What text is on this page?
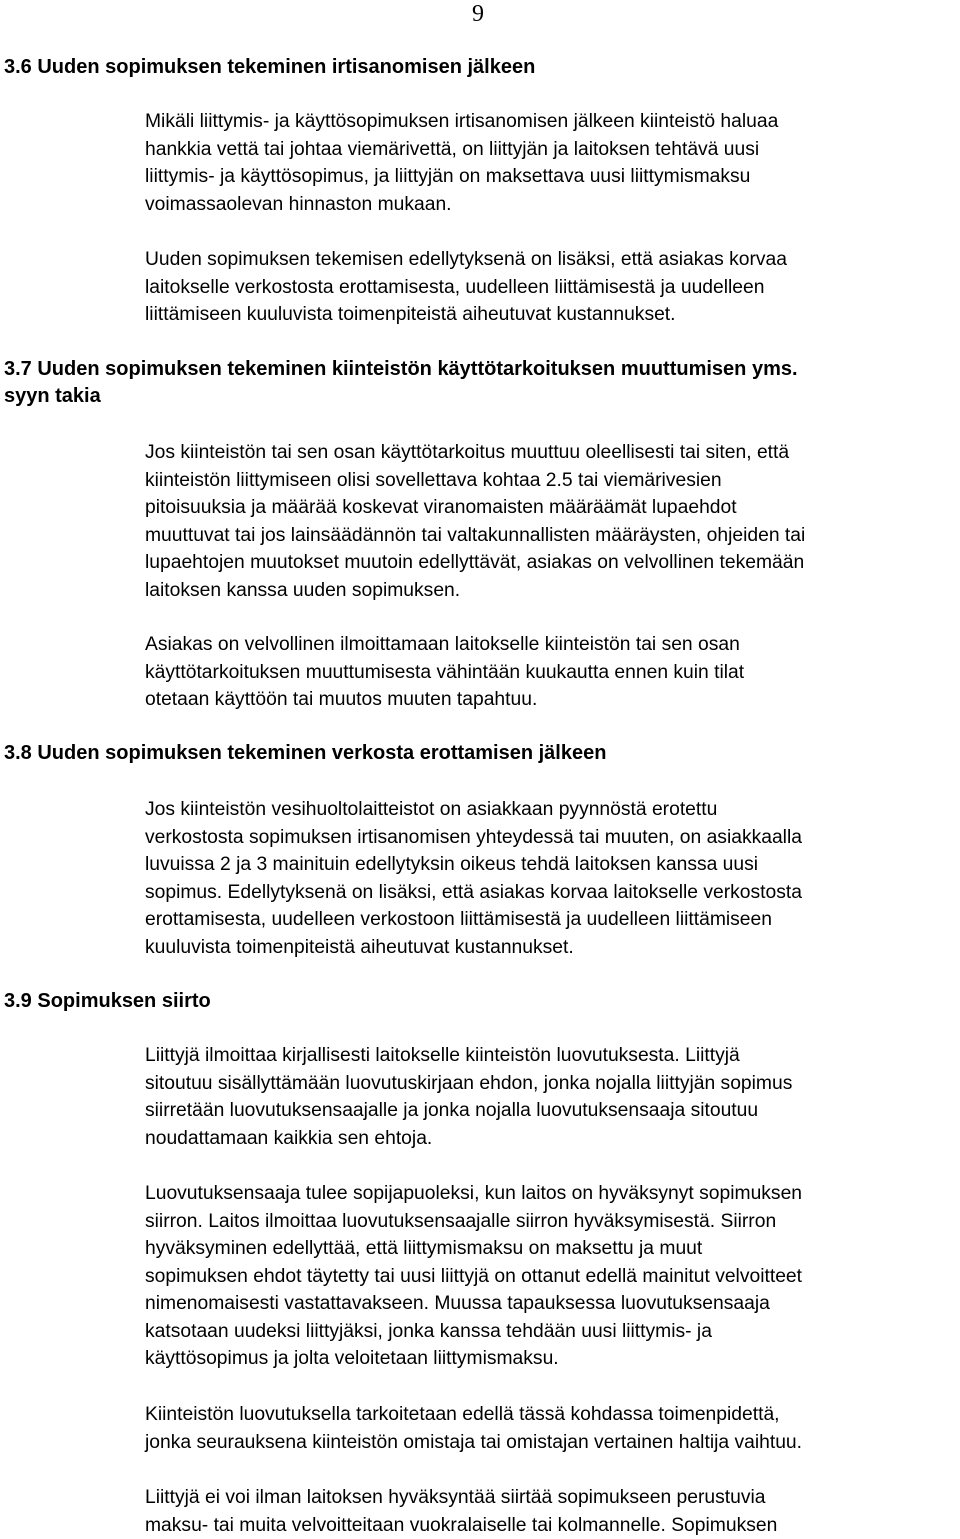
9
3.6 Uuden sopimuksen tekeminen irtisanomisen jälkeen

Mikäli liittymis- ja käyttösopimuksen irtisanomisen jälkeen kiinteistö haluaa
hankkia vettä tai johtaa viemärivettä, on liittyjän ja laitoksen tehtävä uusi
liittymis- ja käyttösopimus, ja liittyjän on maksettava uusi liittymismaksu
voimassaolevan hinnaston mukaan.

Uuden sopimuksen tekemisen edellytyksenä on lisäksi, että asiakas korvaa
laitokselle verkostosta erottamisesta, uudelleen liittämisestä ja uudelleen
liittämiseen kuuluvista toimenpiteistä aiheutuvat kustannukset.

3.7 Uuden sopimuksen tekeminen kiinteistön käyttötarkoituksen muuttumisen yms.
syyn takia

Jos kiinteistön tai sen osan käyttötarkoitus muuttuu oleellisesti tai siten, että
kiinteistön liittymiseen olisi sovellettava kohtaa 2.5 tai viemärivesien
pitoisuuksia ja määrää koskevat viranomaisten määräämät lupaehdot
muuttuvat tai jos lainsäädännön tai valtakunnallisten määräysten, ohjeiden tai
lupaehtojen muutokset muutoin edellyttävät, asiakas on velvollinen tekemään
laitoksen kanssa uuden sopimuksen.

Asiakas on velvollinen ilmoittamaan laitokselle kiinteistön tai sen osan
käyttötarkoituksen muuttumisesta vähintään kuukautta ennen kuin tilat
otetaan käyttöön tai muutos muuten tapahtuu.

3.8 Uuden sopimuksen tekeminen verkosta erottamisen jälkeen

Jos kiinteistön vesihuoltolaitteistot on asiakkaan pyynnöstä erotettu
verkostosta sopimuksen irtisanomisen yhteydessä tai muuten, on asiakkaalla
luvuissa 2 ja 3 mainituin edellytyksin oikeus tehdä laitoksen kanssa uusi
sopimus. Edellytyksenä on lisäksi, että asiakas korvaa laitokselle verkostosta
erottamisesta, uudelleen verkostoon liittämisestä ja uudelleen liittämiseen
kuuluvista toimenpiteistä aiheutuvat kustannukset.

3.9 Sopimuksen siirto

Liittyjä ilmoittaa kirjallisesti laitokselle kiinteistön luovutuksesta. Liittyjä
sitoutuu sisällyttämään luovutuskirjaan ehdon, jonka nojalla liittyjän sopimus
siirretään luovutuksensaajalle ja jonka nojalla luovutuksensaaja sitoutuu
noudattamaan kaikkia sen ehtoja.

Luovutuksensaaja tulee sopijapuoleksi, kun laitos on hyväksynyt sopimuksen
siirron. Laitos ilmoittaa luovutuksensaajalle siirron hyväksymisestä. Siirron
hyväksyminen edellyttää, että liittymismaksu on maksettu ja muut
sopimuksen ehdot täytetty tai uusi liittyjä on ottanut edellä mainitut velvoitteet
nimenomaisesti vastattavakseen. Muussa tapauksessa luovutuksensaaja
katsotaan uudeksi liittyjäksi, jonka kanssa tehdään uusi liittymis- ja
käyttösopimus ja jolta veloitetaan liittymismaksu.

Kiinteistön luovutuksella tarkoitetaan edellä tässä kohdassa toimenpidettä,
jonka seurauksena kiinteistön omistaja tai omistajan vertainen haltija vaihtuu.

Liittyjä ei voi ilman laitoksen hyväksyntää siirtää sopimukseen perustuvia
maksu- tai muita velvoitteitaan vuokralaiselle tai kolmannelle. Sopimuksen
